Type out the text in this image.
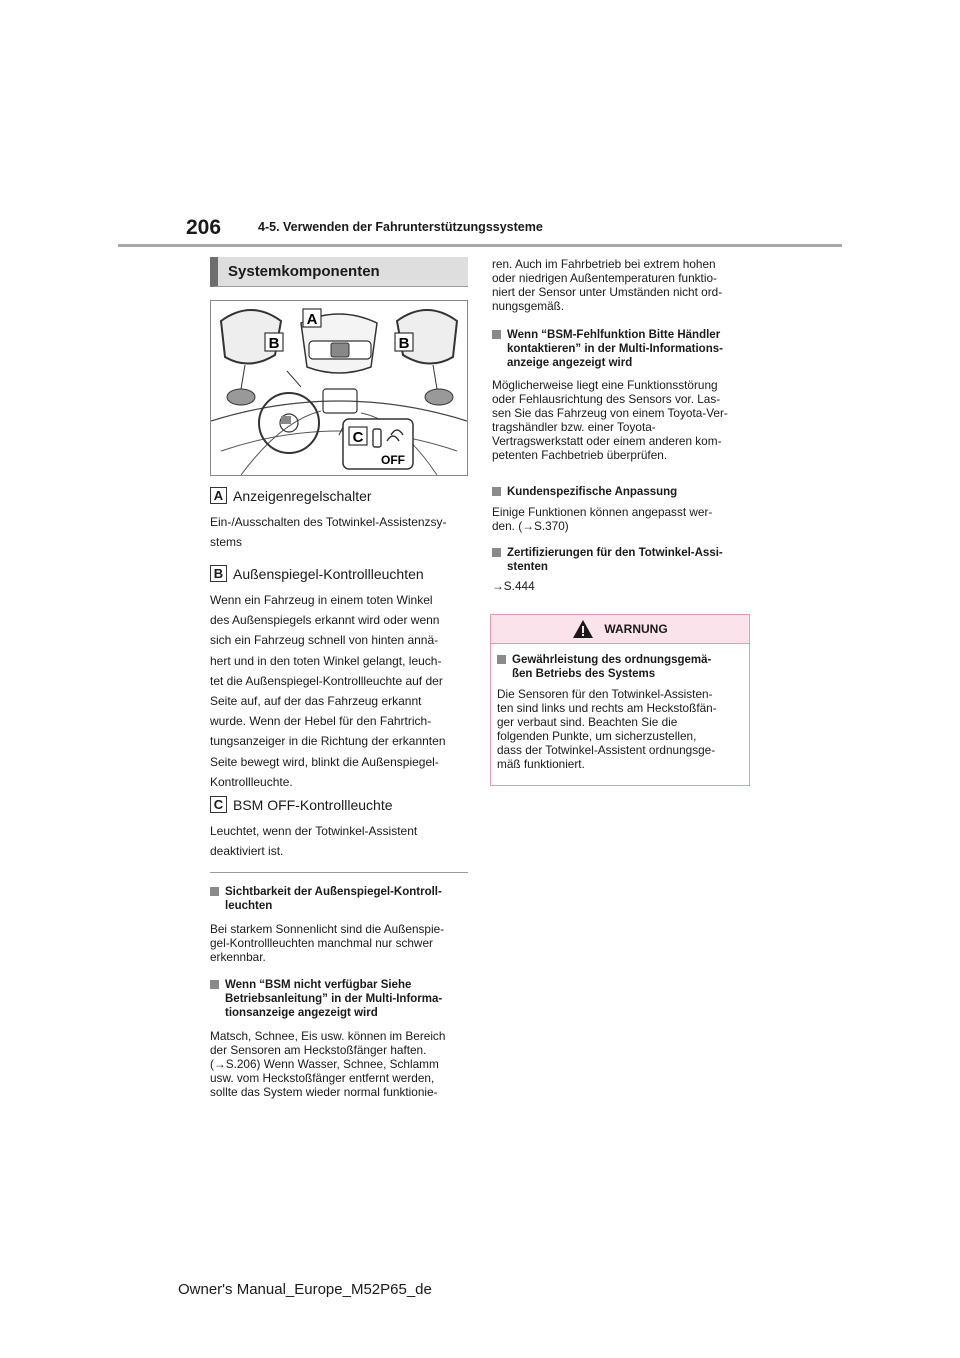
206	4-5. Verwenden der Fahrunterstützungssysteme
Systemkomponenten
A
B	B
C
OFF
A Anzeigenregelschalter
Ein-/Ausschalten des Totwinkel-Assistenzsy-
stems
B Außenspiegel-Kontrollleuchten
Wenn ein Fahrzeug in einem toten Winkel
des Außenspiegels erkannt wird oder wenn
sich ein Fahrzeug schnell von hinten annä-
hert und in den toten Winkel gelangt, leuch-
tet die Außenspiegel-Kontrollleuchte auf der
Seite auf, auf der das Fahrzeug erkannt
wurde. Wenn der Hebel für den Fahrtrich-
tungsanzeiger in die Richtung der erkannten
Seite bewegt wird, blinkt die Außenspiegel-
Kontrollleuchte.
C BSM OFF-Kontrollleuchte
Leuchtet, wenn der Totwinkel-Assistent
deaktiviert ist.
Sichtbarkeit der Außenspiegel-Kontroll-
leuchten
Bei starkem Sonnenlicht sind die Außenspie-
gel-Kontrollleuchten manchmal nur schwer
erkennbar.
Wenn “BSM nicht verfügbar Siehe
Betriebsanleitung” in der Multi-Informa-
tionsanzeige angezeigt wird
Matsch, Schnee, Eis usw. können im Bereich
der Sensoren am Heckstoßfänger haften.
(→S.206) Wenn Wasser, Schnee, Schlamm
usw. vom Heckstoßfänger entfernt werden,
sollte das System wieder normal funktionie-
ren. Auch im Fahrbetrieb bei extrem hohen
oder niedrigen Außentemperaturen funktio-
niert der Sensor unter Umständen nicht ord-
nungsgemäß.
Wenn “BSM-Fehlfunktion Bitte Händler
kontaktieren” in der Multi-Informations-
anzeige angezeigt wird
Möglicherweise liegt eine Funktionsstörung
oder Fehlausrichtung des Sensors vor. Las-
sen Sie das Fahrzeug von einem Toyota-Ver-
tragshändler bzw. einer Toyota-
Vertragswerkstatt oder einem anderen kom-
petenten Fachbetrieb überprüfen.
Kundenspezifische Anpassung
Einige Funktionen können angepasst wer-
den. (→S.370)
Zertifizierungen für den Totwinkel-Assi-
stenten
→S.444
WARNUNG
Gewährleistung des ordnungsgemä-
ßen Betriebs des Systems
Die Sensoren für den Totwinkel-Assisten-
ten sind links und rechts am Heckstoßfän-
ger verbaut sind. Beachten Sie die
folgenden Punkte, um sicherzustellen,
dass der Totwinkel-Assistent ordnungsge-
mäß funktioniert.
Owner's Manual_Europe_M52P65_de
